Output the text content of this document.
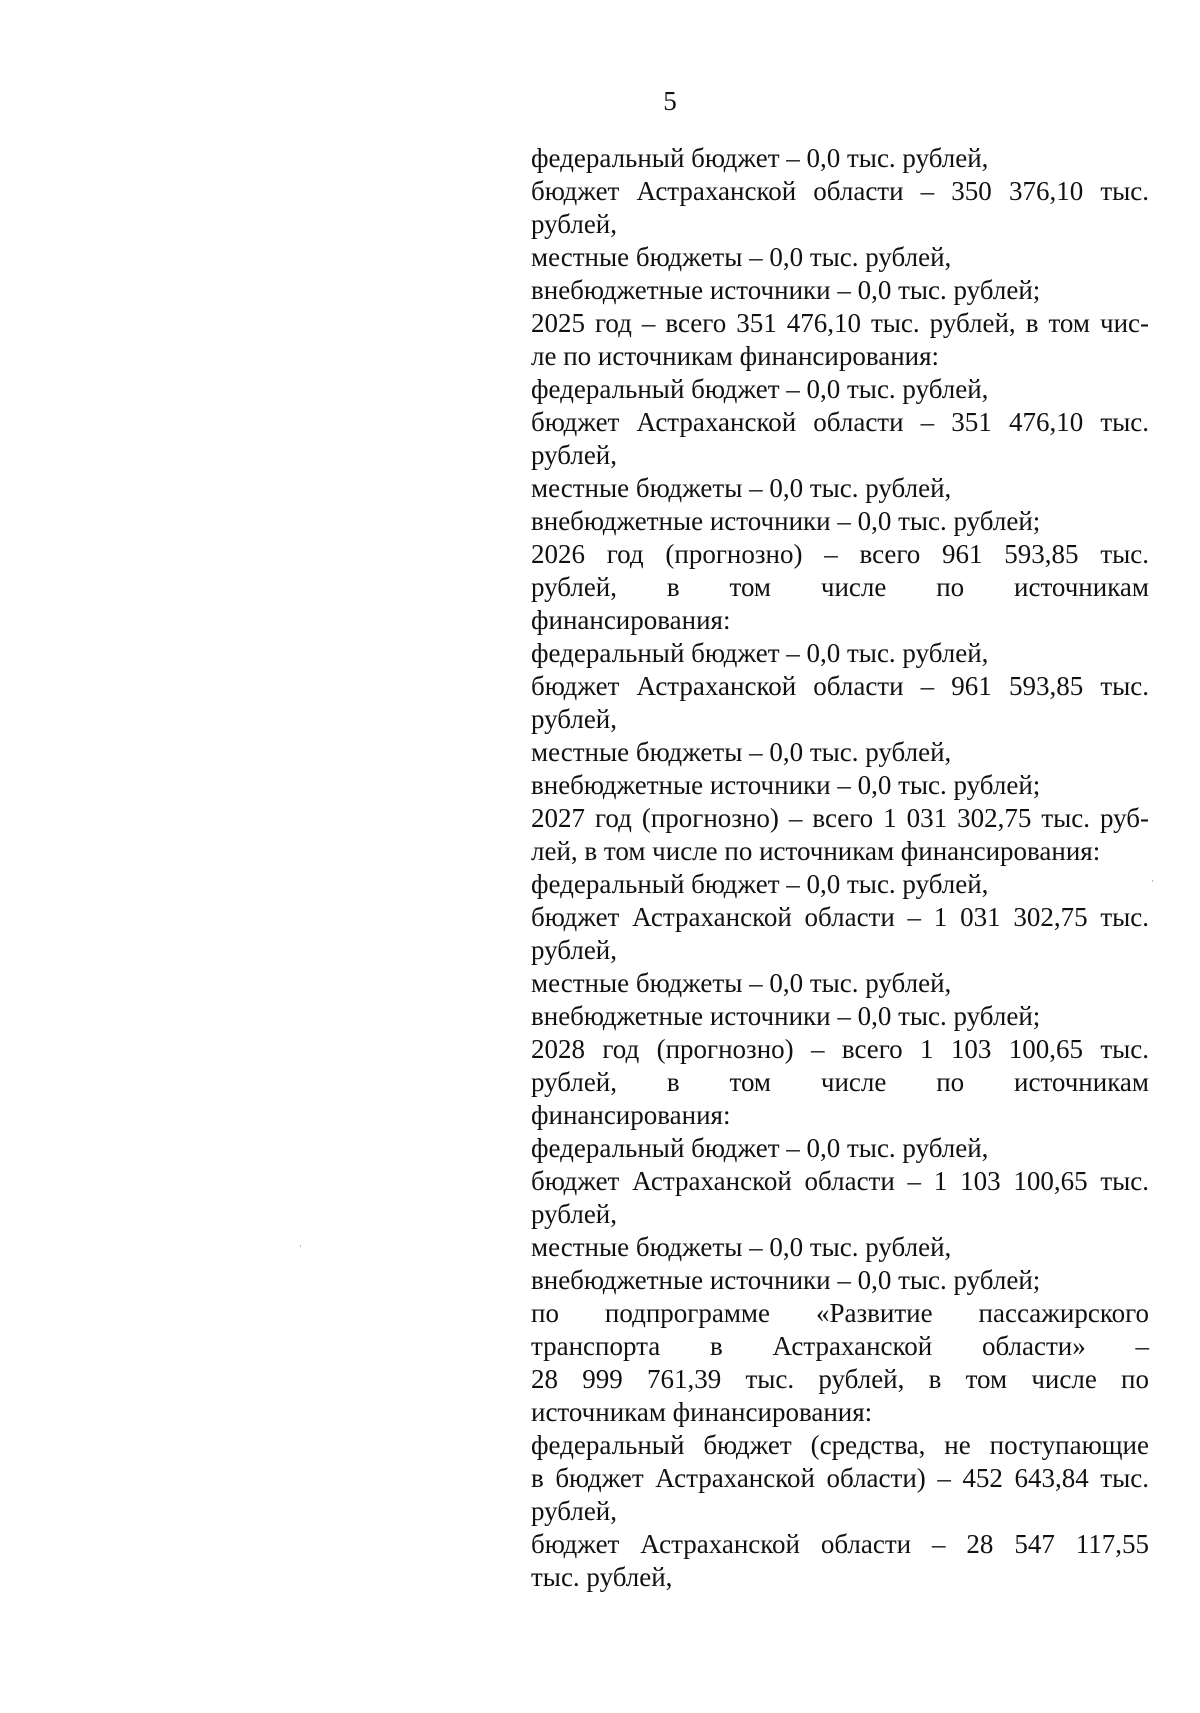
5
федеральный бюджет – 0,0 тыс. рублей,
бюджет Астраханской области – 350 376,10 тыс.
рублей,
местные бюджеты – 0,0 тыс. рублей,
внебюджетные источники – 0,0 тыс. рублей;
2025 год – всего 351 476,10 тыс. рублей, в том чис-
ле по источникам финансирования:
федеральный бюджет – 0,0 тыс. рублей,
бюджет Астраханской области – 351 476,10 тыс.
рублей,
местные бюджеты – 0,0 тыс. рублей,
внебюджетные источники – 0,0 тыс. рублей;
2026 год (прогнозно) – всего 961 593,85 тыс.
рублей, в том числе по источникам
финансирования:
федеральный бюджет – 0,0 тыс. рублей,
бюджет Астраханской области – 961 593,85 тыс.
рублей,
местные бюджеты – 0,0 тыс. рублей,
внебюджетные источники – 0,0 тыс. рублей;
2027 год (прогнозно) – всего 1 031 302,75 тыс. руб-
лей, в том числе по источникам финансирования:
федеральный бюджет – 0,0 тыс. рублей,
бюджет Астраханской области – 1 031 302,75 тыс.
рублей,
местные бюджеты – 0,0 тыс. рублей,
внебюджетные источники – 0,0 тыс. рублей;
2028 год (прогнозно) – всего 1 103 100,65 тыс.
рублей, в том числе по источникам
финансирования:
федеральный бюджет – 0,0 тыс. рублей,
бюджет Астраханской области – 1 103 100,65 тыс.
рублей,
местные бюджеты – 0,0 тыс. рублей,
внебюджетные источники – 0,0 тыс. рублей;
по подпрограмме «Развитие пассажирского
транспорта в Астраханской области» –
28 999 761,39 тыс. рублей, в том числе по
источникам финансирования:
федеральный бюджет (средства, не поступающие
в бюджет Астраханской области) – 452 643,84 тыс.
рублей,
бюджет Астраханской области – 28 547 117,55
тыс. рублей,
